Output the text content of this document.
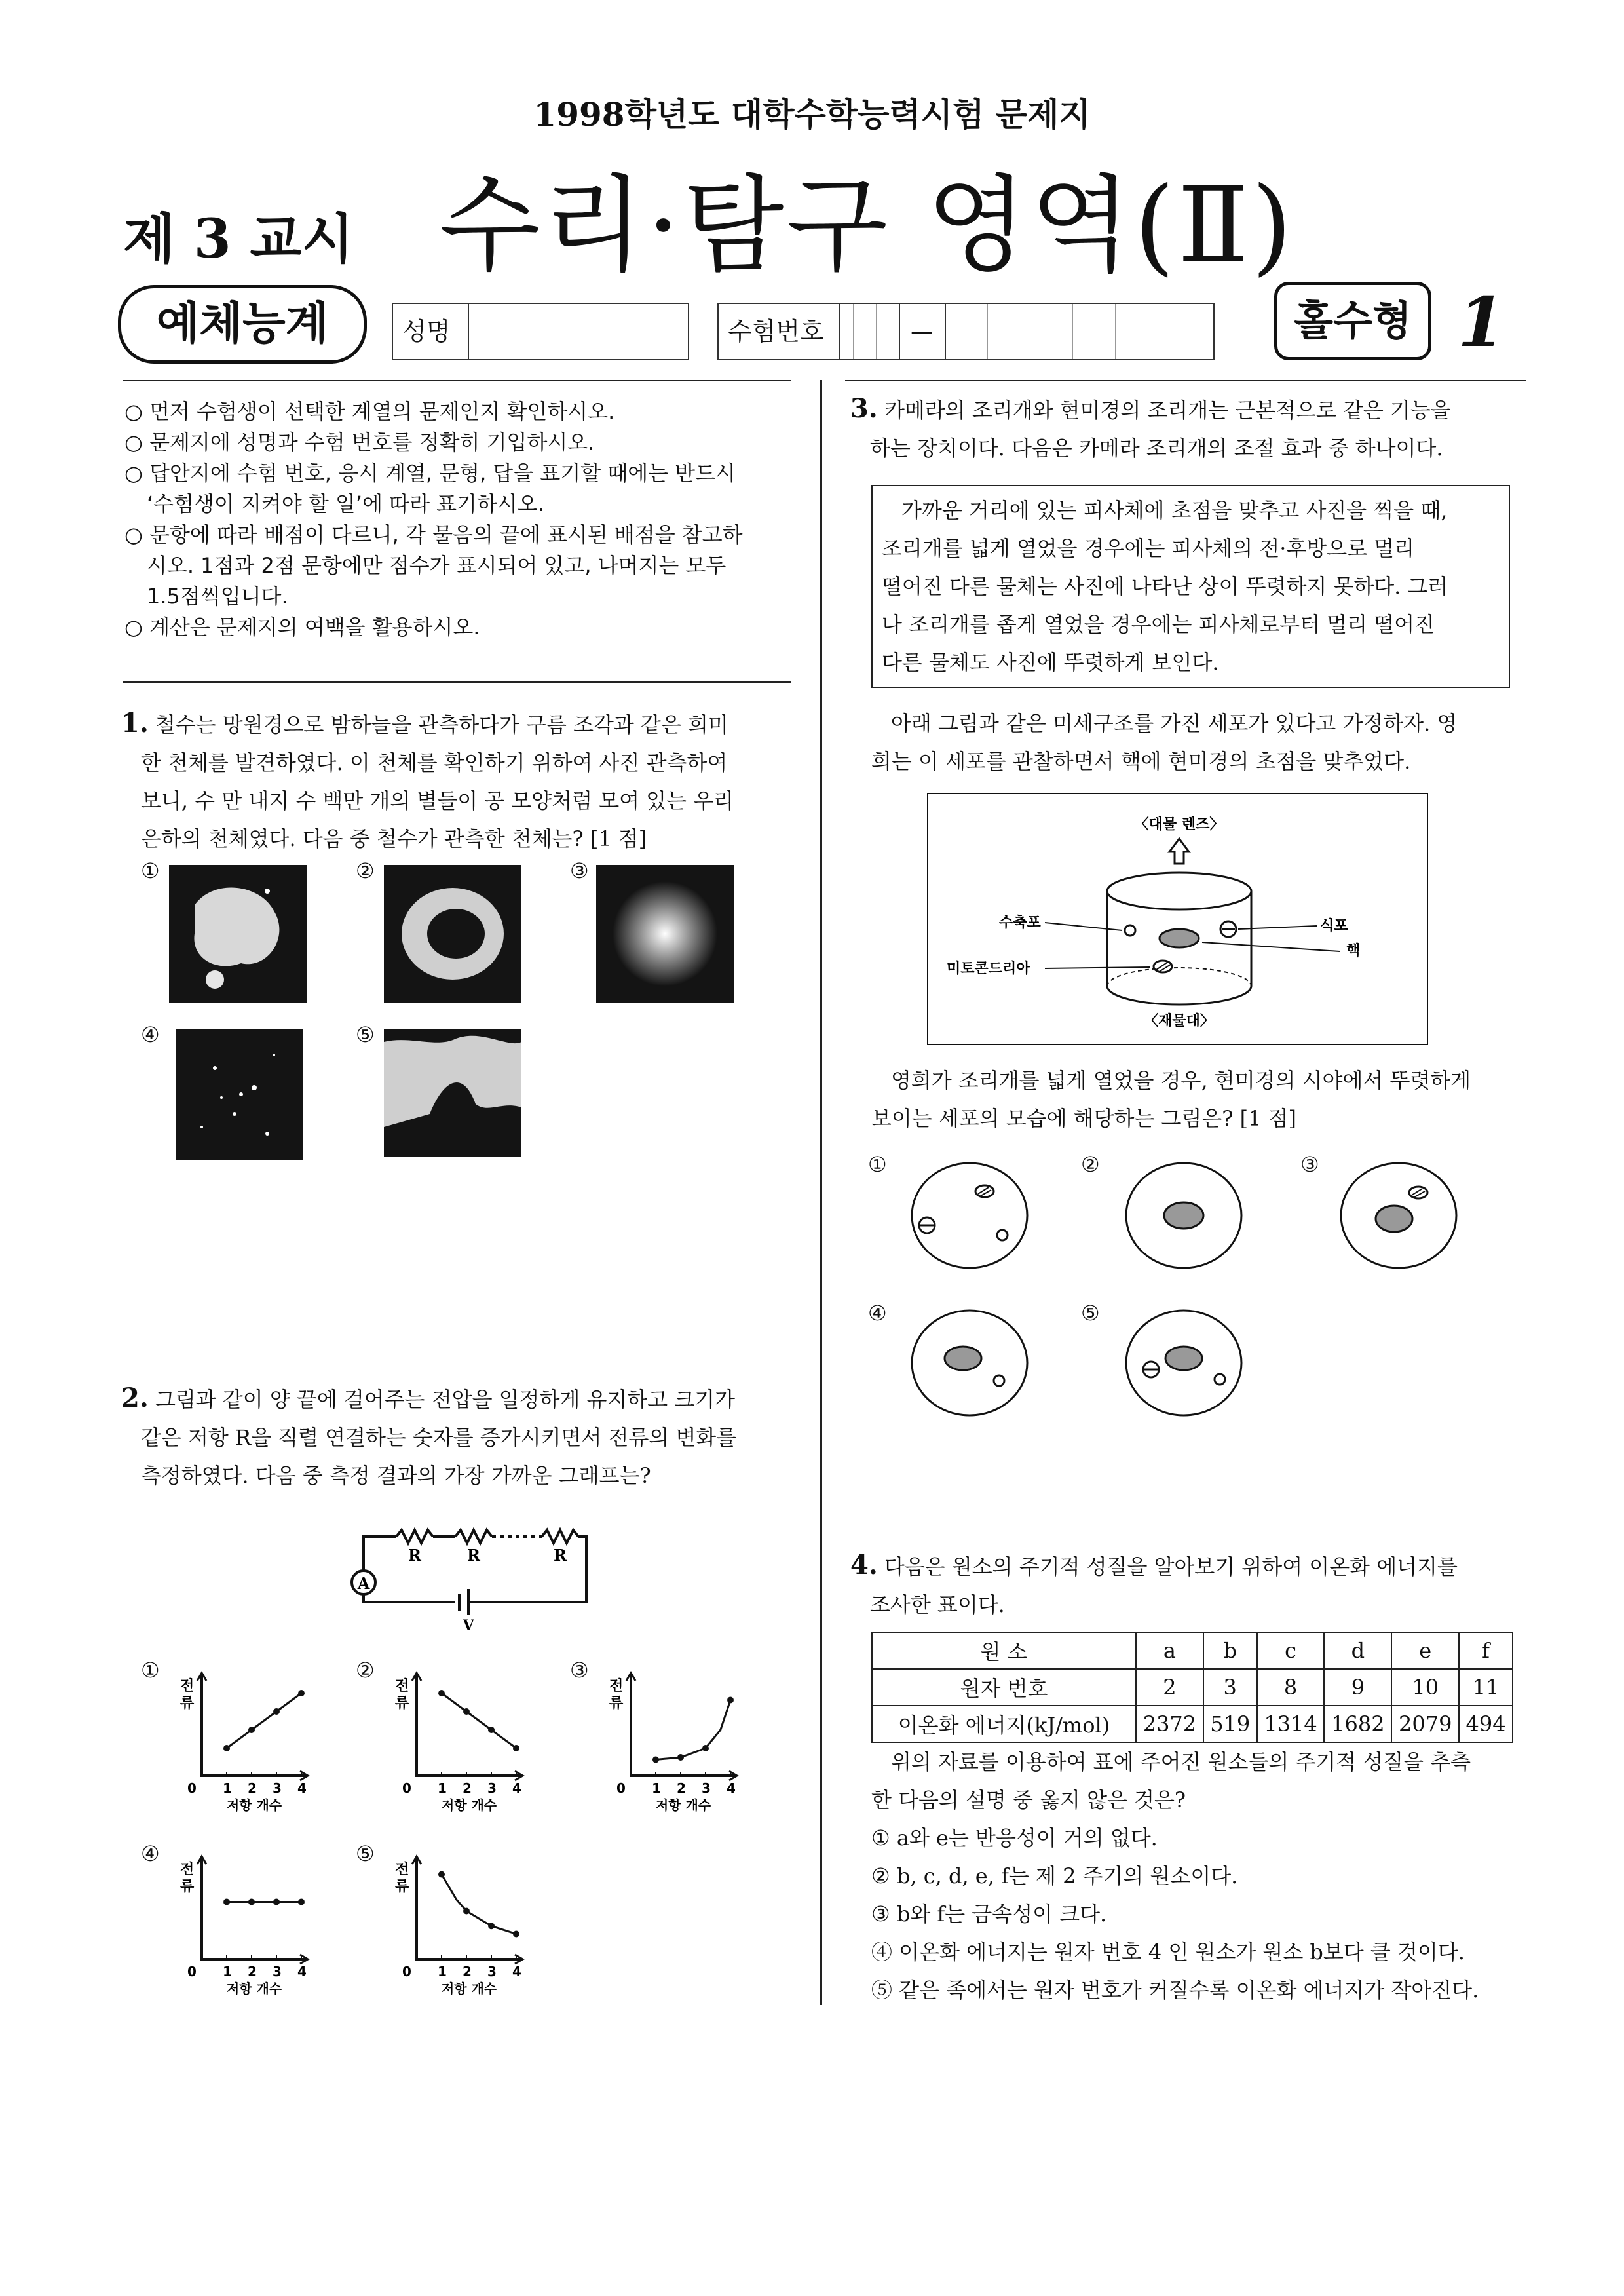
1998학년도 대학수학능력시험 문제지
제 3 교시 수리·탐구 영역(Ⅱ)
예체능계	성명	수험번호	—	홀수형 1
○ 먼저 수험생이 선택한 계열의 문제인지 확인하시오.
○ 문제지에 성명과 수험 번호를 정확히 기입하시오.
○ 답안지에 수험 번호, 응시 계열, 문형, 답을 표기할 때에는 반드시
‘수험생이 지켜야 할 일’에 따라 표기하시오.
○ 문항에 따라 배점이 다르니, 각 물음의 끝에 표시된 배점을 참고하
시오. 1점과 2점 문항에만 점수가 표시되어 있고, 나머지는 모두
1.5점씩입니다.
○ 계산은 문제지의 여백을 활용하시오.
1. 철수는 망원경으로 밤하늘을 관측하다가 구름 조각과 같은 희미
한 천체를 발견하였다. 이 천체를 확인하기 위하여 사진 관측하여
보니, 수 만 내지 수 백만 개의 별들이 공 모양처럼 모여 있는 우리
은하의 천체였다. 다음 중 철수가 관측한 천체는? [1 점]
①	②	③
④	⑤
2. 그림과 같이 양 끝에 걸어주는 전압을 일정하게 유지하고 크기가
같은 저항 R을 직렬 연결하는 숫자를 증가시키면서 전류의 변화를
측정하였다. 다음 중 측정 결과의 가장 가까운 그래프는?
A
R	R	R
V
①
전
류
0 1 2 3 4
저항 개수
②
전
류
0 1 2 3 4
저항 개수
③
전
류
0 1 2 3 4
저항 개수
④
전
류
0 1 2 3 4
저항 개수
⑤
전
류
0 1 2 3 4
저항 개수
3. 카메라의 조리개와 현미경의 조리개는 근본적으로 같은 기능을
하는 장치이다. 다음은 카메라 조리개의 조절 효과 중 하나이다.
가까운 거리에 있는 피사체에 초점을 맞추고 사진을 찍을 때,
조리개를 넓게 열었을 경우에는 피사체의 전·후방으로 멀리
떨어진 다른 물체는 사진에 나타난 상이 뚜렷하지 못하다. 그러
나 조리개를 좁게 열었을 경우에는 피사체로부터 멀리 떨어진
다른 물체도 사진에 뚜렷하게 보인다.
아래 그림과 같은 미세구조를 가진 세포가 있다고 가정하자. 영
희는 이 세포를 관찰하면서 핵에 현미경의 초점을 맞추었다.
〈대물 렌즈〉
수축포
미토콘드리아
식포
핵
〈재물대〉
영희가 조리개를 넓게 열었을 경우, 현미경의 시야에서 뚜렷하게
보이는 세포의 모습에 해당하는 그림은? [1 점]
①	②	③
④	⑤
4. 다음은 원소의 주기적 성질을 알아보기 위하여 이온화 에너지를
조사한 표이다.
원 소	a	b	c	d	e	f
원자 번호	2	3	8	9	10	11
이온화 에너지(kJ/mol)	2372	519	1314	1682	2079	494
위의 자료를 이용하여 표에 주어진 원소들의 주기적 성질을 추측
한 다음의 설명 중 옳지 않은 것은?
① a와 e는 반응성이 거의 없다.
② b, c, d, e, f는 제 2 주기의 원소이다.
③ b와 f는 금속성이 크다.
④ 이온화 에너지는 원자 번호 4 인 원소가 원소 b보다 클 것이다.
⑤ 같은 족에서는 원자 번호가 커질수록 이온화 에너지가 작아진다.
